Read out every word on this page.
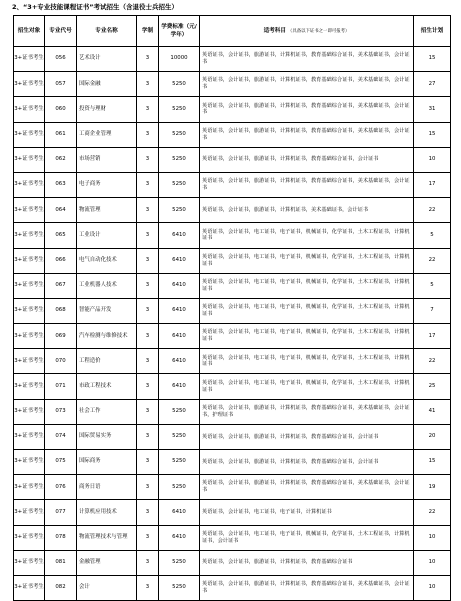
2、“3+专业技能课程证书”考试招生（含退役士兵招生）
招生对象	专业代号	专业名称	学制	学费标准（元/学年）	适考科目 （具备以下证书之一即可报考）	招生计划
3+证书考生	056	艺术设计	3	10000	英语证书，会计证书，旅游证书，计算机证书，教育基础综合证书，美术基础证书，会计证书	15
3+证书考生	057	国际金融	3	5250	英语证书，会计证书，旅游证书，计算机证书，教育基础综合证书，美术基础证书，会计证书	27
3+证书考生	060	投资与理财	3	5250	英语证书，会计证书，旅游证书，计算机证书，教育基础综合证书，美术基础证书，会计证书	31
3+证书考生	061	工商企业管理	3	5250	英语证书，会计证书，旅游证书，计算机证书，教育基础综合证书，美术基础证书，会计证书	15
3+证书考生	062	市场营销	3	5250	英语证书，会计证书，旅游证书，计算机证书，教育基础综合证书，会计证书	10
3+证书考生	063	电子商务	3	5250	英语证书，会计证书，旅游证书，计算机证书，教育基础综合证书，美术基础证书，会计证书	17
3+证书考生	064	物流管理	3	5250	英语证书，会计证书，旅游证书，计算机证书，美术基础证书，会计证书	22
3+证书考生	065	工业设计	3	6410	英语证书，会计证书，电工证书，电子证书，机械证书，化学证书，土木工程证书，计算机证书	5
3+证书考生	066	电气自动化技术	3	6410	英语证书，会计证书，电工证书，电子证书，机械证书，化学证书，土木工程证书，计算机证书	22
3+证书考生	067	工业机器人技术	3	6410	英语证书，会计证书，电工证书，电子证书，机械证书，化学证书，土木工程证书，计算机证书	5
3+证书考生	068	智能产品开发	3	6410	英语证书，会计证书，电工证书，电子证书，机械证书，化学证书，土木工程证书，计算机证书	7
3+证书考生	069	汽车检测与维修技术	3	6410	英语证书，会计证书，电工证书，电子证书，机械证书，化学证书，土木工程证书，计算机证书	17
3+证书考生	070	工程造价	3	6410	英语证书，会计证书，电工证书，电子证书，机械证书，化学证书，土木工程证书，计算机证书	22
3+证书考生	071	市政工程技术	3	6410	英语证书，会计证书，电工证书，电子证书，机械证书，化学证书，土木工程证书，计算机证书	25
3+证书考生	073	社会工作	3	5250	英语证书，会计证书，旅游证书，计算机证书，教育基础综合证书，美术基础证书，会计证书，护理证书	41
3+证书考生	074	国际贸易实务	3	5250	英语证书，会计证书，旅游证书，计算机证书，教育基础综合证书，会计证书	20
3+证书考生	075	国际商务	3	5250	英语证书，会计证书，旅游证书，计算机证书，教育基础综合证书，会计证书	15
3+证书考生	076	商务日语	3	5250	英语证书，会计证书，旅游证书，计算机证书，教育基础综合证书，美术基础证书，会计证书	19
3+证书考生	077	计算机应用技术	3	6410	英语证书，会计证书，电工证书，电子证书，计算机证书	22
3+证书考生	078	物流管理技术与管理	3	6410	英语证书，会计证书，电工证书，电子证书，机械证书，化学证书，土木工程证书，计算机证书，会计证书	10
3+证书考生	081	金融管理	3	5250	英语证书，会计证书，旅游证书，计算机证书，教育基础综合证书	10
3+证书考生	082	会计	3	5250	英语证书，会计证书，旅游证书，计算机证书，教育基础综合证书，美术基础证书，会计证书	10
